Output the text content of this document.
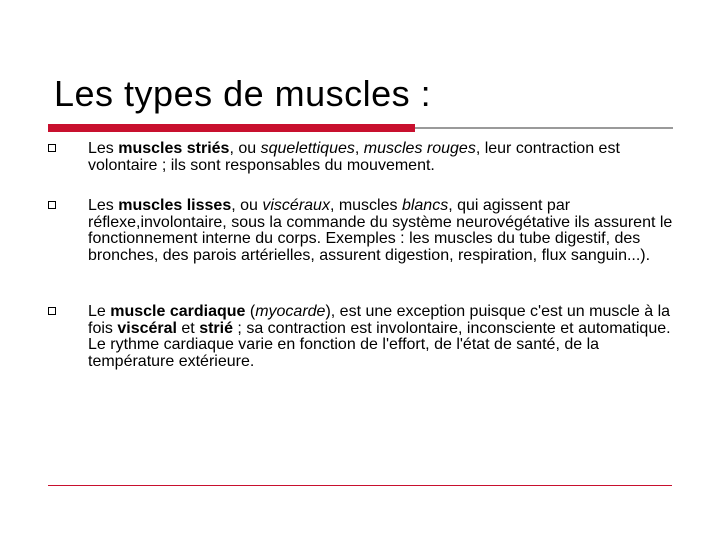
Les types de muscles :
Les muscles striés, ou squelettiques, muscles rouges, leur contraction est volontaire ; ils sont responsables du mouvement.
Les muscles lisses, ou viscéraux, muscles blancs, qui agissent par réflexe,involontaire, sous la commande du système neurovégétative ils assurent le fonctionnement interne du corps. Exemples : les muscles du tube digestif, des bronches, des parois artérielles, assurent digestion, respiration, flux sanguin...).
Le muscle cardiaque (myocarde), est une exception puisque c'est un muscle à la fois viscéral et strié ; sa contraction est involontaire, inconsciente et automatique. Le rythme cardiaque varie en fonction de l'effort, de l'état de santé, de la température extérieure.
